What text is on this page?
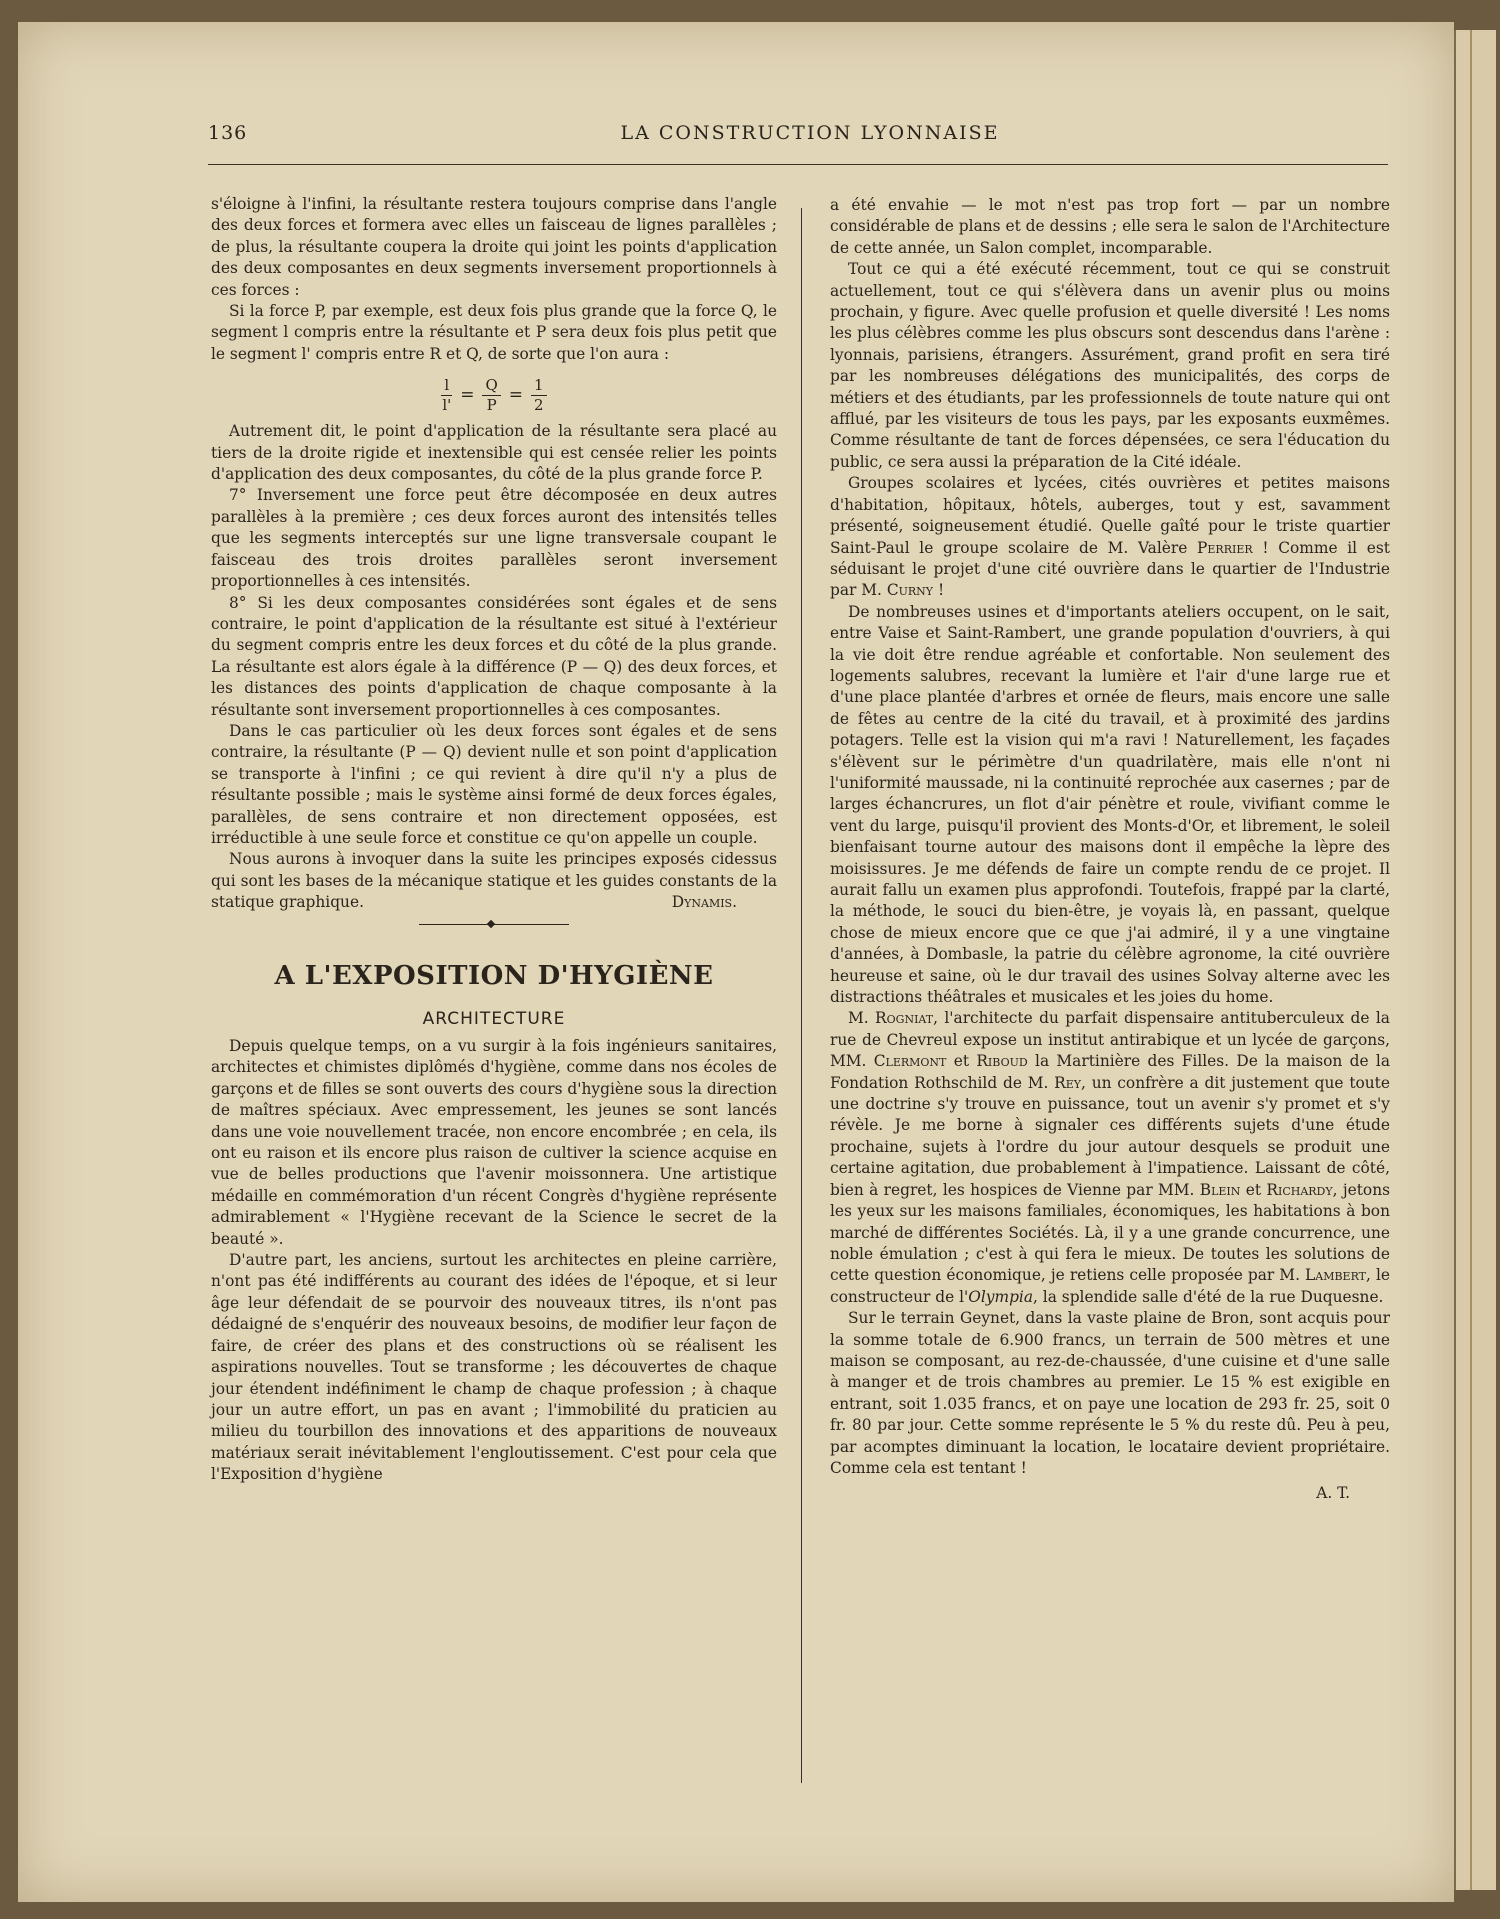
136	LA CONSTRUCTION LYONNAISE

s'éloigne à l'infini, la résultante restera toujours comprise dans l'angle des deux forces et formera avec elles un faisceau de lignes parallèles ; de plus, la résultante coupera la droite qui joint les points d'application des deux composantes en deux segments inversement proportionnels à ces forces :

Si la force P, par exemple, est deux fois plus grande que la force Q, le segment l compris entre la résultante et P sera deux fois plus petit que le segment l' compris entre R et Q, de sorte que l'on aura :

$\frac{l}{l'} = \frac{Q}{P} = \frac{1}{2}$

Autrement dit, le point d'application de la résultante sera placé au tiers de la droite rigide et inextensible qui est censée relier les points d'application des deux composantes, du côté de la plus grande force P.

7° Inversement une force peut être décomposée en deux autres parallèles à la première ; ces deux forces auront des intensités telles que les segments interceptés sur une ligne transversale coupant le faisceau des trois droites parallèles seront inversement proportionnelles à ces intensités.

8° Si les deux composantes considérées sont égales et de sens contraire, le point d'application de la résultante est situé à l'extérieur du segment compris entre les deux forces et du côté de la plus grande. La résultante est alors égale à la différence (P — Q) des deux forces, et les distances des points d'application de chaque composante à la résultante sont inversement proportionnelles à ces composantes.

Dans le cas particulier où les deux forces sont égales et de sens contraire, la résultante (P — Q) devient nulle et son point d'application se transporte à l'infini ; ce qui revient à dire qu'il n'y a plus de résultante possible ; mais le système ainsi formé de deux forces égales, parallèles, de sens contraire et non directement opposées, est irréductible à une seule force et constitue ce qu'on appelle un couple.

Nous aurons à invoquer dans la suite les principes exposés cidessus qui sont les bases de la mécanique statique et les guides constants de la statique graphique.	Dynamis.

A L'EXPOSITION D'HYGIÈNE
ARCHITECTURE

Depuis quelque temps, on a vu surgir à la fois ingénieurs sanitaires, architectes et chimistes diplômés d'hygiène, comme dans nos écoles de garçons et de filles se sont ouverts des cours d'hygiène sous la direction de maîtres spéciaux. Avec empressement, les jeunes se sont lancés dans une voie nouvellement tracée, non encore encombrée ; en cela, ils ont eu raison et ils encore plus raison de cultiver la science acquise en vue de belles productions que l'avenir moissonnera. Une artistique médaille en commémoration d'un récent Congrès d'hygiène représente admirablement « l'Hygiène recevant de la Science le secret de la beauté ».

D'autre part, les anciens, surtout les architectes en pleine carrière, n'ont pas été indifférents au courant des idées de l'époque, et si leur âge leur défendait de se pourvoir des nouveaux titres, ils n'ont pas dédaigné de s'enquérir des nouveaux besoins, de modifier leur façon de faire, de créer des plans et des constructions où se réalisent les aspirations nouvelles. Tout se transforme ; les découvertes de chaque jour étendent indéfiniment le champ de chaque profession ; à chaque jour un autre effort, un pas en avant ; l'immobilité du praticien au milieu du tourbillon des innovations et des apparitions de nouveaux matériaux serait inévitablement l'engloutissement. C'est pour cela que l'Exposition d'hygiène

a été envahie — le mot n'est pas trop fort — par un nombre considérable de plans et de dessins ; elle sera le salon de l'Architecture de cette année, un Salon complet, incomparable.

Tout ce qui a été exécuté récemment, tout ce qui se construit actuellement, tout ce qui s'élèvera dans un avenir plus ou moins prochain, y figure. Avec quelle profusion et quelle diversité ! Les noms les plus célèbres comme les plus obscurs sont descendus dans l'arène : lyonnais, parisiens, étrangers. Assurément, grand profit en sera tiré par les nombreuses délégations des municipalités, des corps de métiers et des étudiants, par les professionnels de toute nature qui ont afflué, par les visiteurs de tous les pays, par les exposants euxmêmes. Comme résultante de tant de forces dépensées, ce sera l'éducation du public, ce sera aussi la préparation de la Cité idéale.

Groupes scolaires et lycées, cités ouvrières et petites maisons d'habitation, hôpitaux, hôtels, auberges, tout y est, savamment présenté, soigneusement étudié. Quelle gaîté pour le triste quartier Saint-Paul le groupe scolaire de M. Valère Perrier ! Comme il est séduisant le projet d'une cité ouvrière dans le quartier de l'Industrie par M. Curny !

De nombreuses usines et d'importants ateliers occupent, on le sait, entre Vaise et Saint-Rambert, une grande population d'ouvriers, à qui la vie doit être rendue agréable et confortable. Non seulement des logements salubres, recevant la lumière et l'air d'une large rue et d'une place plantée d'arbres et ornée de fleurs, mais encore une salle de fêtes au centre de la cité du travail, et à proximité des jardins potagers. Telle est la vision qui m'a ravi ! Naturellement, les façades s'élèvent sur le périmètre d'un quadrilatère, mais elle n'ont ni l'uniformité maussade, ni la continuité reprochée aux casernes ; par de larges échancrures, un flot d'air pénètre et roule, vivifiant comme le vent du large, puisqu'il provient des Monts-d'Or, et librement, le soleil bienfaisant tourne autour des maisons dont il empêche la lèpre des moisissures. Je me défends de faire un compte rendu de ce projet. Il aurait fallu un examen plus approfondi. Toutefois, frappé par la clarté, la méthode, le souci du bien-être, je voyais là, en passant, quelque chose de mieux encore que ce que j'ai admiré, il y a une vingtaine d'années, à Dombasle, la patrie du célèbre agronome, la cité ouvrière heureuse et saine, où le dur travail des usines Solvay alterne avec les distractions théâtrales et musicales et les joies du home.

M. Rogniat, l'architecte du parfait dispensaire antituberculeux de la rue de Chevreul expose un institut antirabique et un lycée de garçons, MM. Clermont et Riboud la Martinière des Filles. De la maison de la Fondation Rothschild de M. Rey, un confrère a dit justement que toute une doctrine s'y trouve en puissance, tout un avenir s'y promet et s'y révèle. Je me borne à signaler ces différents sujets d'une étude prochaine, sujets à l'ordre du jour autour desquels se produit une certaine agitation, due probablement à l'impatience. Laissant de côté, bien à regret, les hospices de Vienne par MM. Blein et Richardy, jetons les yeux sur les maisons familiales, économiques, les habitations à bon marché de différentes Sociétés. Là, il y a une grande concurrence, une noble émulation ; c'est à qui fera le mieux. De toutes les solutions de cette question économique, je retiens celle proposée par M. Lambert, le constructeur de l'Olympia, la splendide salle d'été de la rue Duquesne.

Sur le terrain Geynet, dans la vaste plaine de Bron, sont acquis pour la somme totale de 6.900 francs, un terrain de 500 mètres et une maison se composant, au rez-de-chaussée, d'une cuisine et d'une salle à manger et de trois chambres au premier. Le 15 % est exigible en entrant, soit 1.035 francs, et on paye une location de 293 fr. 25, soit 0 fr. 80 par jour. Cette somme représente le 5 % du reste dû. Peu à peu, par acomptes diminuant la location, le locataire devient propriétaire. Comme cela est tentant !

A. T.
